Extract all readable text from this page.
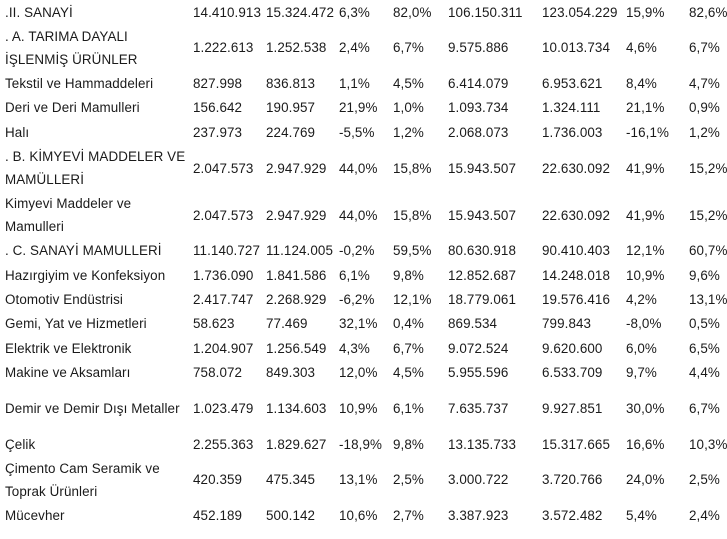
.II. SANAYİ	14.410.913	15.324.472	6,3%	82,0%	106.150.311	123.054.229	15,9%	82,6%
. A. TARIMA DAYALI İŞLENMİŞ ÜRÜNLER	1.222.613	1.252.538	2,4%	6,7%	9.575.886	10.013.734	4,6%	6,7%
Tekstil ve Hammaddeleri	827.998	836.813	1,1%	4,5%	6.414.079	6.953.621	8,4%	4,7%
Deri ve Deri Mamulleri	156.642	190.957	21,9%	1,0%	1.093.734	1.324.111	21,1%	0,9%
Halı	237.973	224.769	-5,5%	1,2%	2.068.073	1.736.003	-16,1%	1,2%
. B. KİMYEVİ MADDELER VE MAMÜLLERİ	2.047.573	2.947.929	44,0%	15,8%	15.943.507	22.630.092	41,9%	15,2%
Kimyevi Maddeler ve Mamulleri	2.047.573	2.947.929	44,0%	15,8%	15.943.507	22.630.092	41,9%	15,2%
. C. SANAYİ MAMULLERİ	11.140.727	11.124.005	-0,2%	59,5%	80.630.918	90.410.403	12,1%	60,7%
Hazırgiyim ve Konfeksiyon	1.736.090	1.841.586	6,1%	9,8%	12.852.687	14.248.018	10,9%	9,6%
Otomotiv Endüstrisi	2.417.747	2.268.929	-6,2%	12,1%	18.779.061	19.576.416	4,2%	13,1%
Gemi, Yat ve Hizmetleri	58.623	77.469	32,1%	0,4%	869.534	799.843	-8,0%	0,5%
Elektrik ve Elektronik	1.204.907	1.256.549	4,3%	6,7%	9.072.524	9.620.600	6,0%	6,5%
Makine ve Aksamları	758.072	849.303	12,0%	4,5%	5.955.596	6.533.709	9,7%	4,4%
Demir ve Demir Dışı Metaller	1.023.479	1.134.603	10,9%	6,1%	7.635.737	9.927.851	30,0%	6,7%
Çelik	2.255.363	1.829.627	-18,9%	9,8%	13.135.733	15.317.665	16,6%	10,3%
Çimento Cam Seramik ve Toprak Ürünleri	420.359	475.345	13,1%	2,5%	3.000.722	3.720.766	24,0%	2,5%
Mücevher	452.189	500.142	10,6%	2,7%	3.387.923	3.572.482	5,4%	2,4%
